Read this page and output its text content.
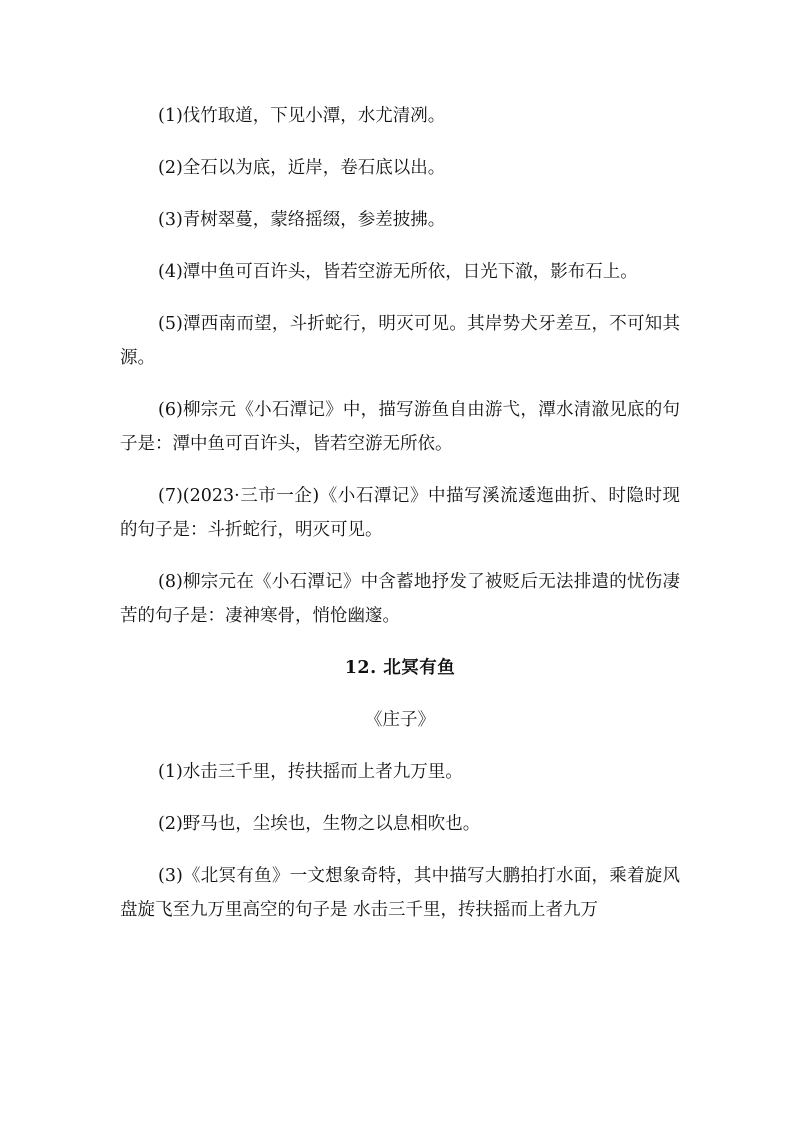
(1)伐竹取道，下见小潭，水尤清冽。

(2)全石以为底，近岸，卷石底以出。

(3)青树翠蔓，蒙络摇缀，参差披拂。

(4)潭中鱼可百许头，皆若空游无所依，日光下澈，影布石上。

(5)潭西南而望，斗折蛇行，明灭可见。其岸势犬牙差互，不可知其源。

(6)柳宗元《小石潭记》中，描写游鱼自由游弋，潭水清澈见底的句子是：潭中鱼可百许头，皆若空游无所依。

(7)(2023·三市一企)《小石潭记》中描写溪流逶迤曲折、时隐时现的句子是：斗折蛇行，明灭可见。

(8)柳宗元在《小石潭记》中含蓄地抒发了被贬后无法排遣的忧伤凄苦的句子是：凄神寒骨，悄怆幽邃。

12. 北冥有鱼
《庄子》

(1)水击三千里，抟扶摇而上者九万里。

(2)野马也，尘埃也，生物之以息相吹也。

(3)《北冥有鱼》一文想象奇特，其中描写大鹏拍打水面，乘着旋风盘旋飞至九万里高空的句子是 水击三千里，抟扶摇而上者九万
